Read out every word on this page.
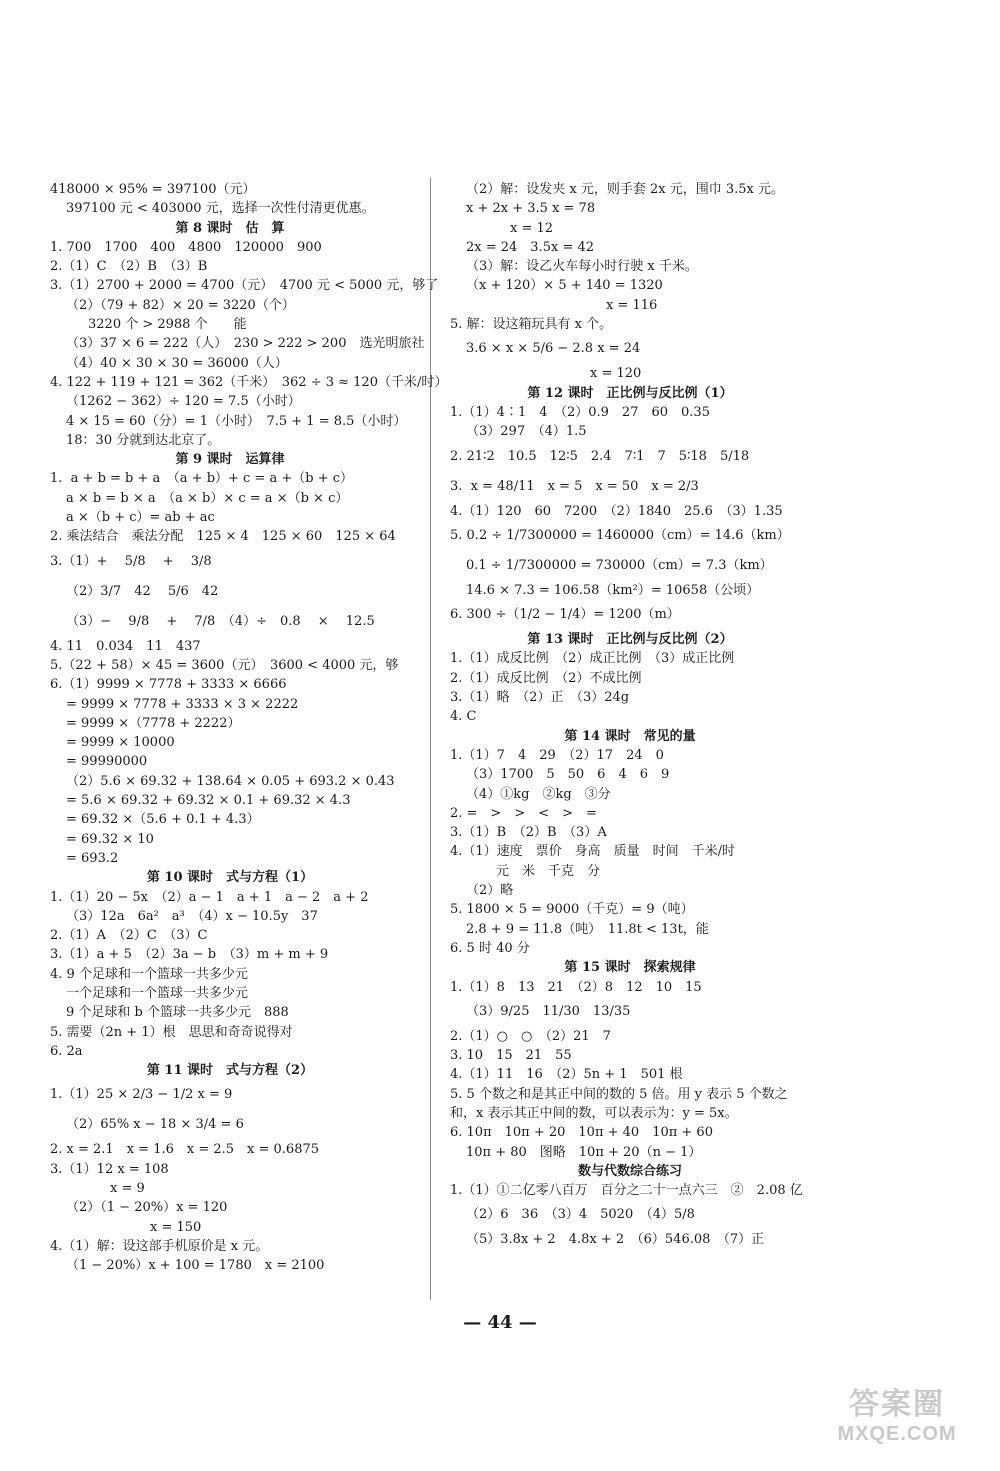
418000 × 95% = 397100（元）
397100 元 < 403000 元，选择一次性付清更优惠。
第 8 课时　估　算
1. 700　1700　400　4800　120000　900
2.（1）C　（2）B　（3）B
3.（1）2700 + 2000 = 4700（元）　4700 元 < 5000 元，够了
（2）（79 + 82）× 20 = 3220（个）
3220 个 > 2988 个　　能
（3）37 × 6 = 222（人）　230 > 222 > 200　选光明旅社
（4）40 × 30 × 30 = 36000（人）
4. 122 + 119 + 121 = 362（千米）　362 ÷ 3 ≈ 120（千米/时）
（1262 − 362）÷ 120 = 7.5（小时）
4 × 15 = 60（分）= 1（小时）　7.5 + 1 = 8.5（小时）
18：30 分就到达北京了。
第 9 课时　运算律
1.  a + b = b + a　（a + b）+ c = a +（b + c）
a × b = b × a　（a × b）× c = a ×（b × c）
a ×（b + c）= ab + ac
2. 乘法结合　乘法分配　125 × 4　125 × 60　125 × 64
3.（1）+　 5/8　 +　 3/8
（2）3/7　42　 5/6　42
（3）−　 9/8　 +　 7/8　（4）÷　0.8　 ×　 12.5
4. 11　0.034　11　437
5.（22 + 58）× 45 = 3600（元）　3600 < 4000 元，够
6.（1）9999 × 7778 + 3333 × 6666
= 9999 × 7778 + 3333 × 3 × 2222
= 9999 ×（7778 + 2222）
= 9999 × 10000
= 99990000
（2）5.6 × 69.32 + 138.64 × 0.05 + 693.2 × 0.43
= 5.6 × 69.32 + 69.32 × 0.1 + 69.32 × 4.3
= 69.32 ×（5.6 + 0.1 + 4.3）
= 69.32 × 10
= 693.2
第 10 课时　式与方程（1）
1.（1）20 − 5x　（2）a − 1　a + 1　a − 2　a + 2
（3）12a　6a²　a³　（4）x − 10.5y　37
2.（1）A　（2）C　（3）C
3.（1）a + 5　（2）3a − b　（3）m + m + 9
4. 9 个足球和一个篮球一共多少元
一个足球和一个篮球一共多少元
9 个足球和 b 个篮球一共多少元　888
5. 需要（2n + 1）根　思思和奇奇说得对
6. 2a
第 11 课时　式与方程（2）
1.（1）25 × 2/3 − 1/2 x = 9
（2）65% x − 18 × 3/4 = 6
2. x = 2.1　x = 1.6　x = 2.5　x = 0.6875
3.（1）12 x = 108
x = 9
（2）（1 − 20%）x = 120
x = 150
4.（1）解：设这部手机原价是 x 元。
（1 − 20%）x + 100 = 1780　x = 2100
（2）解：设发夹 x 元，则手套 2x 元，围巾 3.5x 元。
x + 2x + 3.5 x = 78
x = 12
2x = 24　3.5x = 42
（3）解：设乙火车每小时行驶 x 千米。
（x + 120）× 5 + 140 = 1320
x = 116
5. 解：设这箱玩具有 x 个。
3.6 × x × 5/6 − 2.8 x = 24
x = 120
第 12 课时　正比例与反比例（1）
1.（1）4∶1　4　（2）0.9　27　60　0.35
（3）297　（4）1.5
2. 21∶2　10.5　12∶5　2.4　7∶1　7　5∶18　5/18
3.  x = 48/11　x = 5　x = 50　x = 2/3
4.（1）120　60　7200　（2）1840　25.6　（3）1.35
5. 0.2 ÷ 1/7300000 = 1460000（cm）= 14.6（km）
0.1 ÷ 1/7300000 = 730000（cm）= 7.3（km）
14.6 × 7.3 = 106.58（km²）= 10658（公顷）
6. 300 ÷（1/2 − 1/4）= 1200（m）
第 13 课时　正比例与反比例（2）
1.（1）成反比例　（2）成正比例　（3）成正比例
2.（1）成反比例　（2）不成比例
3.（1）略　（2）正　（3）24g
4. C
第 14 课时　常见的量
1.（1）7　4　29　（2）17　24　0
（3）1700　5　50　6　4　6　9
（4）①kg　②kg　③分
2. =　>　>　<　>　=
3.（1）B　（2）B　（3）A
4.（1）速度　票价　身高　质量　时间　千米/时
元　米　千克　分
（2）略
5. 1800 × 5 = 9000（千克）= 9（吨）
2.8 + 9 = 11.8（吨）　11.8t < 13t，能
6. 5 时 40 分
第 15 课时　探索规律
1.（1）8　13　21　（2）8　12　10　15
（3）9/25　11/30　13/35
2.（1）○　○　（2）21　7
3. 10　15　21　55
4.（1）11　16　（2）5n + 1　501 根
5. 5 个数之和是其正中间的数的 5 倍。用 y 表示 5 个数之
和，x 表示其正中间的数，可以表示为：y = 5x。
6. 10π　10π + 20　10π + 40　10π + 60
10π + 80　图略　10π + 20（n − 1）
数与代数综合练习
1.（1）①二亿零八百万　百分之二十一点六三　②　2.08 亿
（2）6　36　（3）4　5020　（4）5/8
（5）3.8x + 2　4.8x + 2　（6）546.08　（7）正
— 44 —
答案圈
MXQE.COM
